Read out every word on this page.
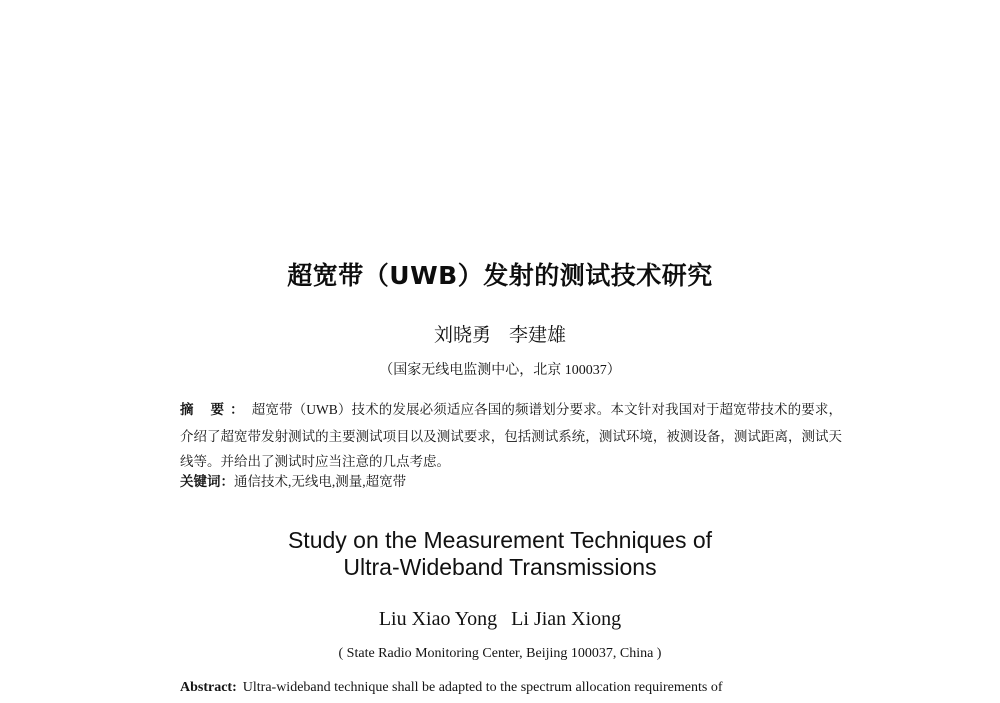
超宽带（UWB）发射的测试技术研究
刘晓勇 李建雄
（国家无线电监测中心，北京 100037）
摘 要： 超宽带（UWB）技术的发展必须适应各国的频谱划分要求。本文针对我国对于超宽带技术的要求，介绍了超宽带发射测试的主要测试项目以及测试要求，包括测试系统，测试环境，被测设备，测试距离，测试天线等。并给出了测试时应当注意的几点考虑。
关键词：通信技术,无线电,测量,超宽带
Study on the Measurement Techniques of
Ultra-Wideband Transmissions
Liu Xiao Yong Li Jian Xiong
( State Radio Monitoring Center, Beijing 100037, China )
Abstract: Ultra-wideband technique shall be adapted to the spectrum allocation requirements of
